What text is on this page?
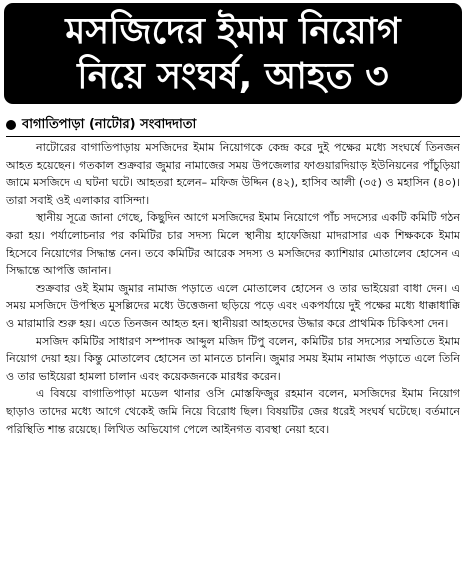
মসজিদের ইমাম নিয়োগ
নিয়ে সংঘর্ষ, আহত ৩
বাগাতিপাড়া (নাটোর) সংবাদদাতা

নাটোরের বাগাতিপাড়ায় মসজিদের ইমাম নিয়োগকে কেন্দ্র করে দুই পক্ষের মধ্যে সংঘর্ষে তিনজন আহত হয়েছেন। গতকাল শুক্রবার জুমার নামাজের সময় উপজেলার ফাগুয়ারদিয়াড় ইউনিয়নের পাঁচুড়িয়া জামে মসজিদে এ ঘটনা ঘটে। আহতরা হলেন– মফিজ উদ্দিন (৪২), হাসিব আলী (৩৫) ও মহাসিন (৪০)। তারা সবাই ওই এলাকার বাসিন্দা।

স্থানীয় সূত্রে জানা গেছে, কিছুদিন আগে মসজিদের ইমাম নিয়োগে পাঁচ সদস্যের একটি কমিটি গঠন করা হয়। পর্যালোচনার পর কমিটির চার সদস্য মিলে স্থানীয় হাফেজিয়া মাদরাসার এক শিক্ষককে ইমাম হিসেবে নিয়োগের সিদ্ধান্ত নেন। তবে কমিটির আরেক সদস্য ও মসজিদের ক্যাশিয়ার মোতালেব হোসেন এ সিদ্ধান্তে আপত্তি জানান।

শুক্রবার ওই ইমাম জুমার নামাজ পড়াতে এলে মোতালেব হোসেন ও তার ভাইয়েরা বাধা দেন। এ সময় মসজিদে উপস্থিত মুসল্লিদের মধ্যে উত্তেজনা ছড়িয়ে পড়ে এবং একপর্যায়ে দুই পক্ষের মধ্যে ধাক্কাধাক্কি ও মারামারি শুরু হয়। এতে তিনজন আহত হন। স্থানীয়রা আহতদের উদ্ধার করে প্রাথমিক চিকিৎসা দেন।

মসজিদ কমিটির সাধারণ সম্পাদক আব্দুল মজিদ টিপু বলেন, কমিটির চার সদস্যের সম্মতিতে ইমাম নিয়োগ দেয়া হয়। কিন্তু মোতালেব হোসেন তা মানতে চাননি। জুমার সময় ইমাম নামাজ পড়াতে এলে তিনি ও তার ভাইয়েরা হামলা চালান এবং কয়েকজনকে মারধর করেন।

এ বিষয়ে বাগাতিপাড়া মডেল থানার ওসি মোস্তফিজুর রহমান বলেন, মসজিদের ইমাম নিয়োগ ছাড়াও তাদের মধ্যে আগে থেকেই জমি নিয়ে বিরোধ ছিল। বিষয়টির জের ধরেই সংঘর্ষ ঘটেছে। বর্তমানে পরিস্থিতি শান্ত রয়েছে। লিখিত অভিযোগ পেলে আইনগত ব্যবস্থা নেয়া হবে।
